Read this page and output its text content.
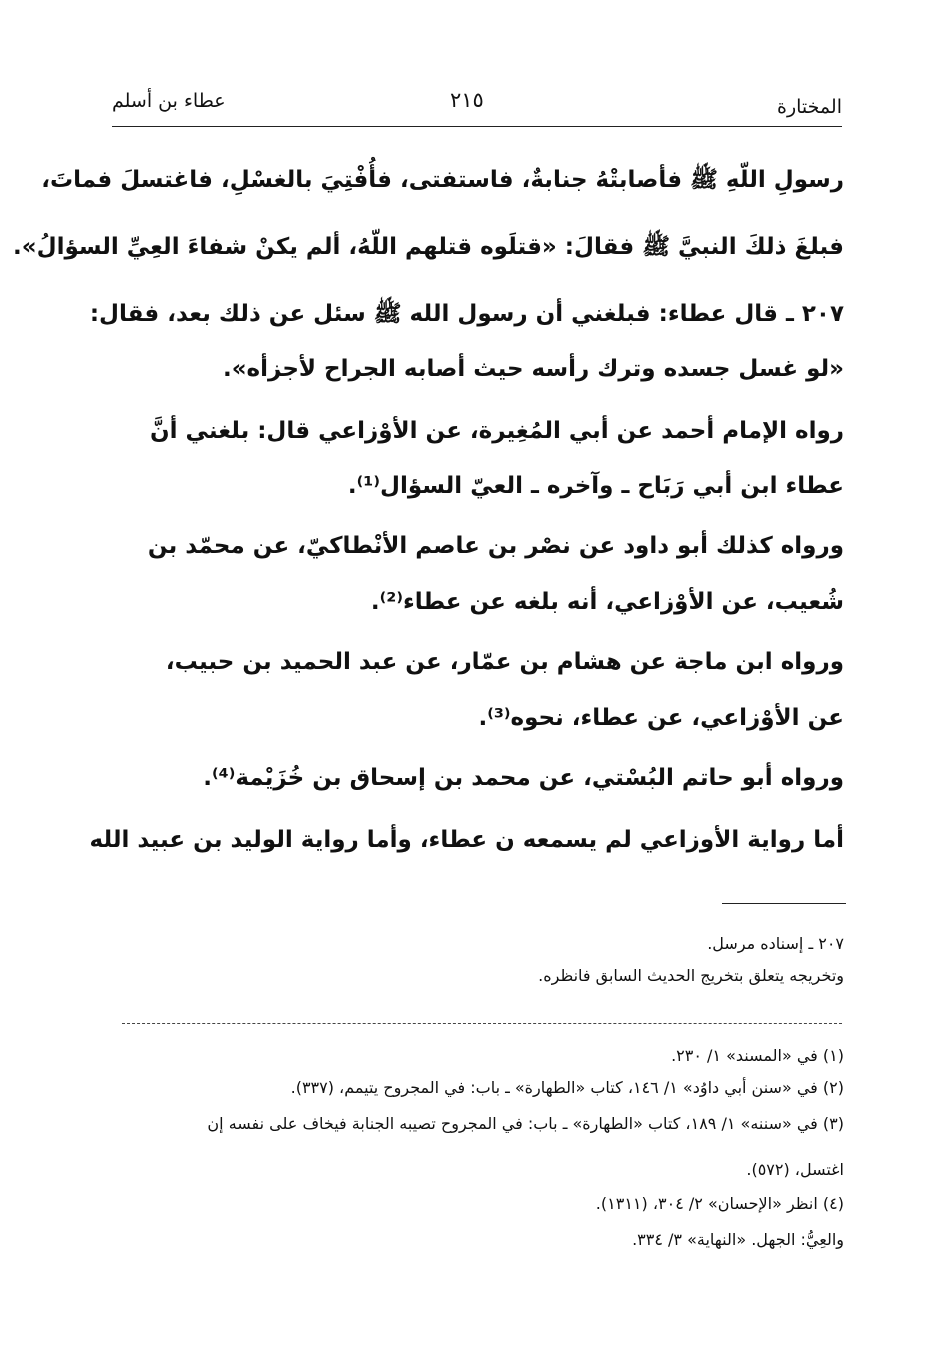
المختارة
٢١٥
عطاء بن أسلم
رسولِ اللّهِ ﷺ فأصابتْهُ جنابةٌ، فاستفتى، فأُفْتِيَ بالغسْلِ، فاغتسلَ فماتَ،
فبلغَ ذلكَ النبيَّ ﷺ فقالَ: «قتلَوه قتلهم اللّهُ، ألم يكنْ شفاءَ العِيِّ السؤالُ».
٢٠٧ ـ قال عطاء: فبلغني أن رسول الله ﷺ سئل عن ذلك بعد، فقال:
«لو غسل جسده وترك رأسه حيث أصابه الجراح لأجزأه».
رواه الإمام أحمد عن أبي المُغِيرة، عن الأوْزاعي قال: بلغني أنَّ
عطاء ابن أبي رَبَاح ـ وآخره ـ العيّ السؤال⁽¹⁾.
ورواه كذلك أبو داود عن نصْر بن عاصم الأنْطاكيّ، عن محمّد بن
شُعيب، عن الأوْزاعي، أنه بلغه عن عطاء⁽²⁾.
ورواه ابن ماجة عن هشام بن عمّار، عن عبد الحميد بن حبيب،
عن الأوْزاعي، عن عطاء، نحوه⁽³⁾.
ورواه أبو حاتم البُسْتي، عن محمد بن إسحاق بن خُزَيْمة⁽⁴⁾.
أما رواية الأوزاعي لم يسمعه ن عطاء، وأما رواية الوليد بن عبيد الله
٢٠٧ ـ إسناده مرسل.
وتخريجه يتعلق بتخريج الحديث السابق فانظره.
(١) في «المسند» ١/ ٢٣٠.
(٢) في «سنن أبي داوُد» ١/ ١٤٦، كتاب «الطهارة» ـ باب: في المجروح يتيمم، (٣٣٧).
(٣) في «سننه» ١/ ١٨٩، كتاب «الطهارة» ـ باب: في المجروح تصيبه الجنابة فيخاف على نفسه إن
اغتسل، (٥٧٢).
(٤) انظر «الإحسان» ٢/ ٣٠٤، (١٣١١).
والعِيُّ: الجهل. «النهاية» ٣/ ٣٣٤.
